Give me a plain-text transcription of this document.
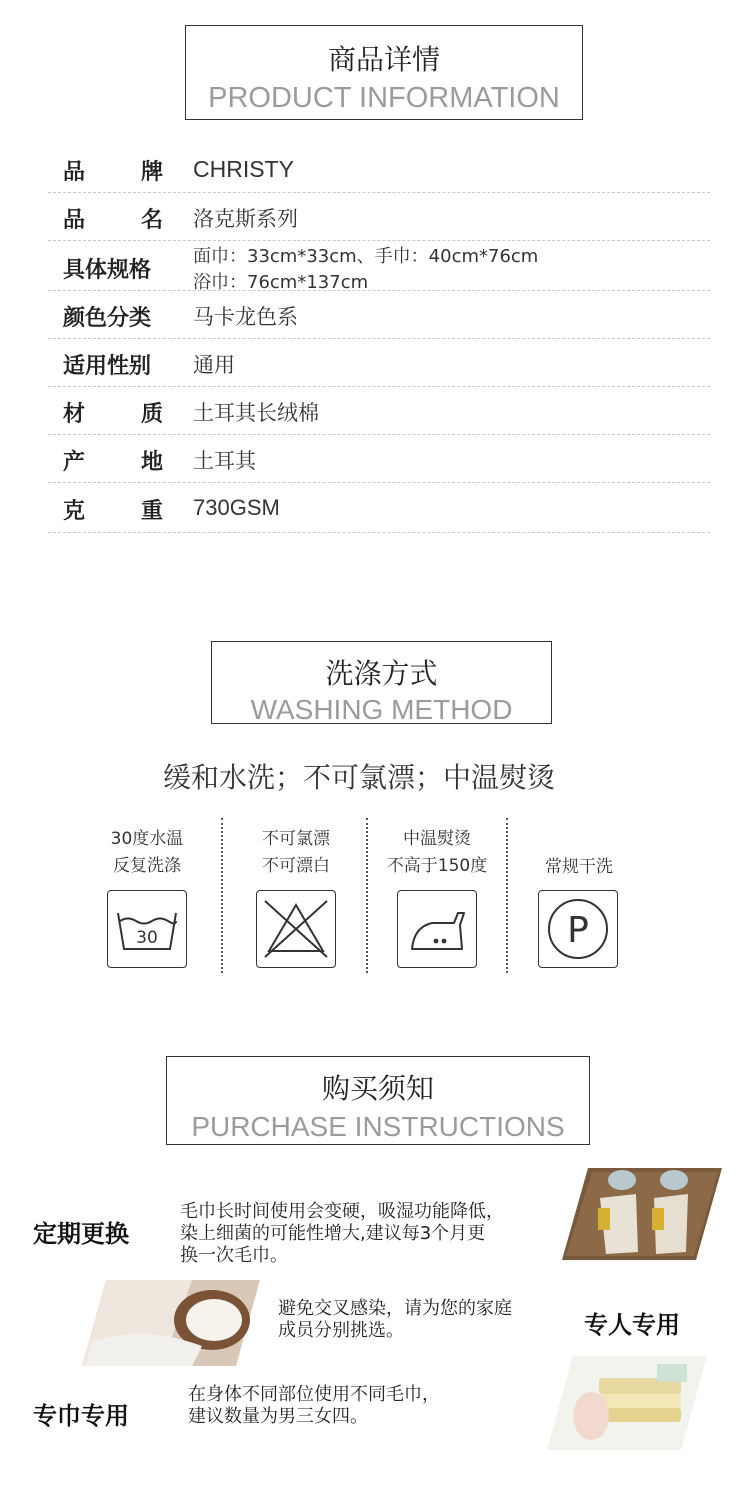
商品详情
PRODUCT INFORMATION
品	牌 CHRISTY
品	名 洛克斯系列
具体规格
面巾：33cm*33cm、手巾：40cm*76cm
浴巾：76cm*137cm
颜色分类 马卡龙色系
适用性别 通用
材	质 土耳其长绒棉
产	地 土耳其
克	重 730GSM
洗涤方式
WASHING METHOD
缓和水洗；不可氯漂；中温熨烫
30度水温
反复洗涤
30
不可氯漂
不可漂白
中温熨烫
不高于150度	常规干洗
P
购买须知
PURCHASE INSTRUCTIONS
定期更换
毛巾长时间使用会变硬，吸湿功能降低，
染上细菌的可能性增大,建议每3个月更
换一次毛巾。
避免交叉感染，请为您的家庭
成员分别挑选。	专人专用
专巾专用
在身体不同部位使用不同毛巾，
建议数量为男三女四。
